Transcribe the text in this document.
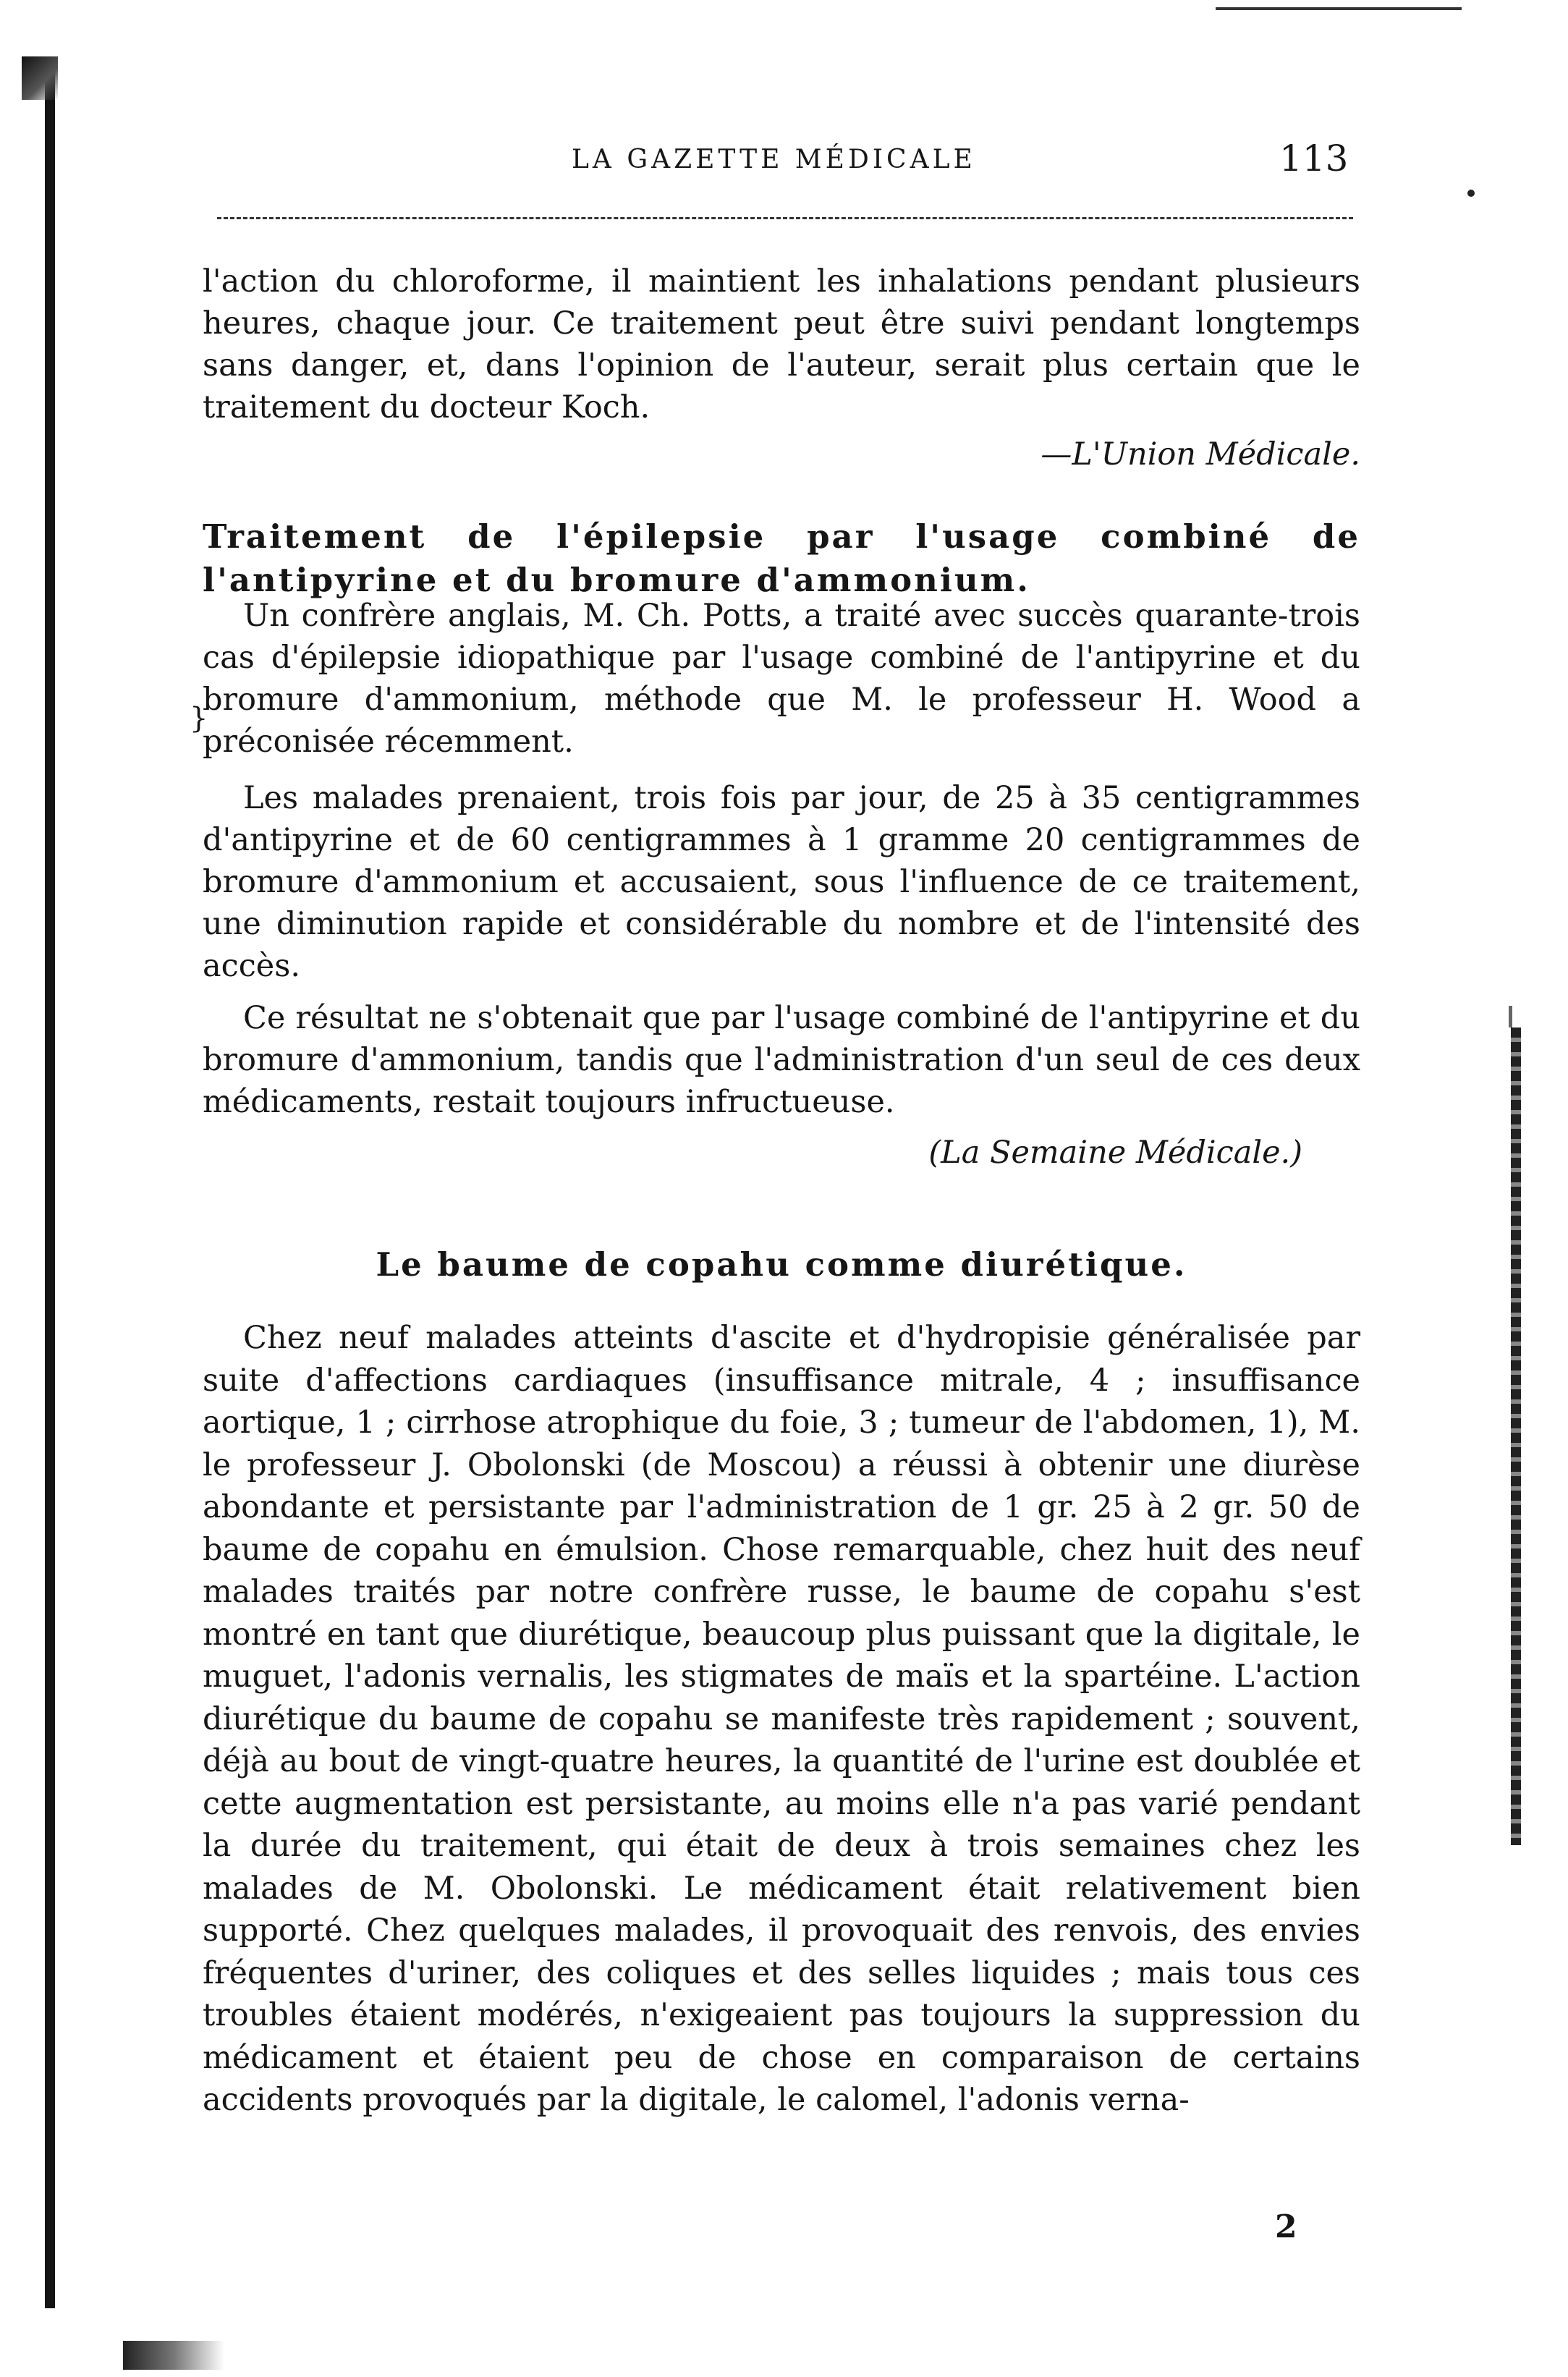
LA GAZETTE MÉDICALE	113

l'action du chloroforme, il maintient les inhalations pendant plusieurs heures, chaque jour. Ce traitement peut être suivi pendant longtemps sans danger, et, dans l'opinion de l'auteur, serait plus certain que le traitement du docteur Koch.

—L'Union Médicale.

Traitement de l'épilepsie par l'usage combiné de l'antipyrine et du bromure d'ammonium.

Un confrère anglais, M. Ch. Potts, a traité avec succès quarante-trois cas d'épilepsie idiopathique par l'usage combiné de l'antipyrine et du bromure d'ammonium, méthode que M. le professeur H. Wood a préconisée récemment.

}

Les malades prenaient, trois fois par jour, de 25 à 35 centigrammes d'antipyrine et de 60 centigrammes à 1 gramme 20 centigrammes de bromure d'ammonium et accusaient, sous l'influence de ce traitement, une diminution rapide et considérable du nombre et de l'intensité des accès.

Ce résultat ne s'obtenait que par l'usage combiné de l'antipyrine et du bromure d'ammonium, tandis que l'administration d'un seul de ces deux médicaments, restait toujours infructueuse.

(La Semaine Médicale.)

Le baume de copahu comme diurétique.

Chez neuf malades atteints d'ascite et d'hydropisie généralisée par suite d'affections cardiaques (insuffisance mitrale, 4 ; insuffisance aortique, 1 ; cirrhose atrophique du foie, 3 ; tumeur de l'abdomen, 1), M. le professeur J. Obolonski (de Moscou) a réussi à obtenir une diurèse abondante et persistante par l'administration de 1 gr. 25 à 2 gr. 50 de baume de copahu en émulsion. Chose remarquable, chez huit des neuf malades traités par notre confrère russe, le baume de copahu s'est montré en tant que diurétique, beaucoup plus puissant que la digitale, le muguet, l'adonis vernalis, les stigmates de maïs et la spartéine. L'action diurétique du baume de copahu se manifeste très rapidement ; souvent, déjà au bout de vingt-quatre heures, la quantité de l'urine est doublée et cette augmentation est persistante, au moins elle n'a pas varié pendant la durée du traitement, qui était de deux à trois semaines chez les malades de M. Obolonski. Le médicament était relativement bien supporté. Chez quelques malades, il provoquait des renvois, des envies fréquentes d'uriner, des coliques et des selles liquides ; mais tous ces troubles étaient modérés, n'exigeaient pas toujours la suppression du médicament et étaient peu de chose en comparaison de certains accidents provoqués par la digitale, le calomel, l'adonis verna-

2
